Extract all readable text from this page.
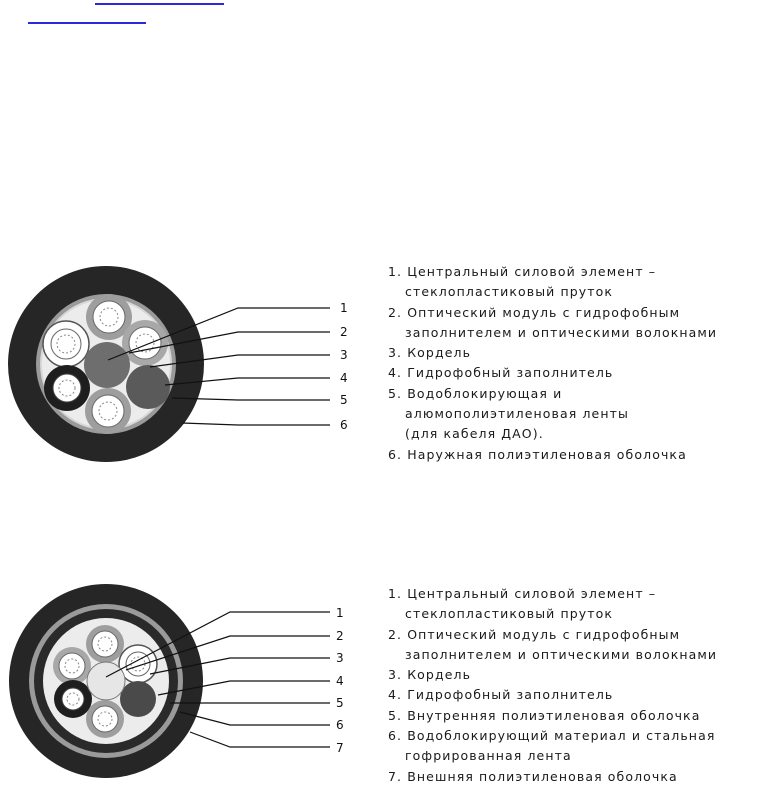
1
2
3
4
5
6
1. Центральный силовой элемент –
стеклопластиковый пруток
2. Оптический модуль с гидрофобным
заполнителем и оптическими волокнами
3. Кордель
4. Гидрофобный заполнитель
5. Водоблокирующая и
алюмополиэтиленовая ленты
(для кабеля ДАО).
6. Наружная полиэтиленовая оболочка
1
2
3
4
5
6
7
1. Центральный силовой элемент –
стеклопластиковый пруток
2. Оптический модуль с гидрофобным
заполнителем и оптическими волокнами
3. Кордель
4. Гидрофобный заполнитель
5. Внутренняя полиэтиленовая оболочка
6. Водоблокирующий материал и стальная
гофрированная лента
7. Внешняя полиэтиленовая оболочка
